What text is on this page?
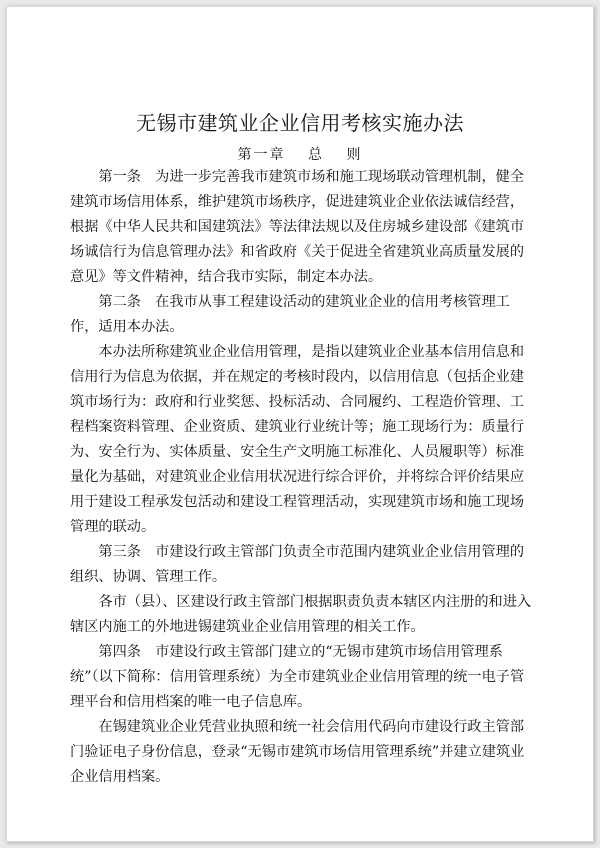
无锡市建筑业企业信用考核实施办法
第一章　 总　 则

第一条　为进一步完善我市建筑市场和施工现场联动管理机制，健全建筑市场信用体系，维护建筑市场秩序，促进建筑业企业依法诚信经营，根据《中华人民共和国建筑法》等法律法规以及住房城乡建设部《建筑市场诚信行为信息管理办法》和省政府《关于促进全省建筑业高质量发展的意见》等文件精神，结合我市实际，制定本办法。

第二条　在我市从事工程建设活动的建筑业企业的信用考核管理工作，适用本办法。

本办法所称建筑业企业信用管理，是指以建筑业企业基本信用信息和信用行为信息为依据，并在规定的考核时段内，以信用信息（包括企业建筑市场行为：政府和行业奖惩、投标活动、合同履约、工程造价管理、工程档案资料管理、企业资质、建筑业行业统计等；施工现场行为：质量行为、安全行为、实体质量、安全生产文明施工标准化、人员履职等）标准量化为基础，对建筑业企业信用状况进行综合评价，并将综合评价结果应用于建设工程承发包活动和建设工程管理活动，实现建筑市场和施工现场管理的联动。

第三条　市建设行政主管部门负责全市范围内建筑业企业信用管理的组织、协调、管理工作。

各市（县）、区建设行政主管部门根据职责负责本辖区内注册的和进入辖区内施工的外地进锡建筑业企业信用管理的相关工作。

第四条　市建设行政主管部门建立的“无锡市建筑市场信用管理系统”（以下简称：信用管理系统）为全市建筑业企业信用管理的统一电子管理平台和信用档案的唯一电子信息库。

在锡建筑业企业凭营业执照和统一社会信用代码向市建设行政主管部门验证电子身份信息，登录“无锡市建筑市场信用管理系统”并建立建筑业企业信用档案。
